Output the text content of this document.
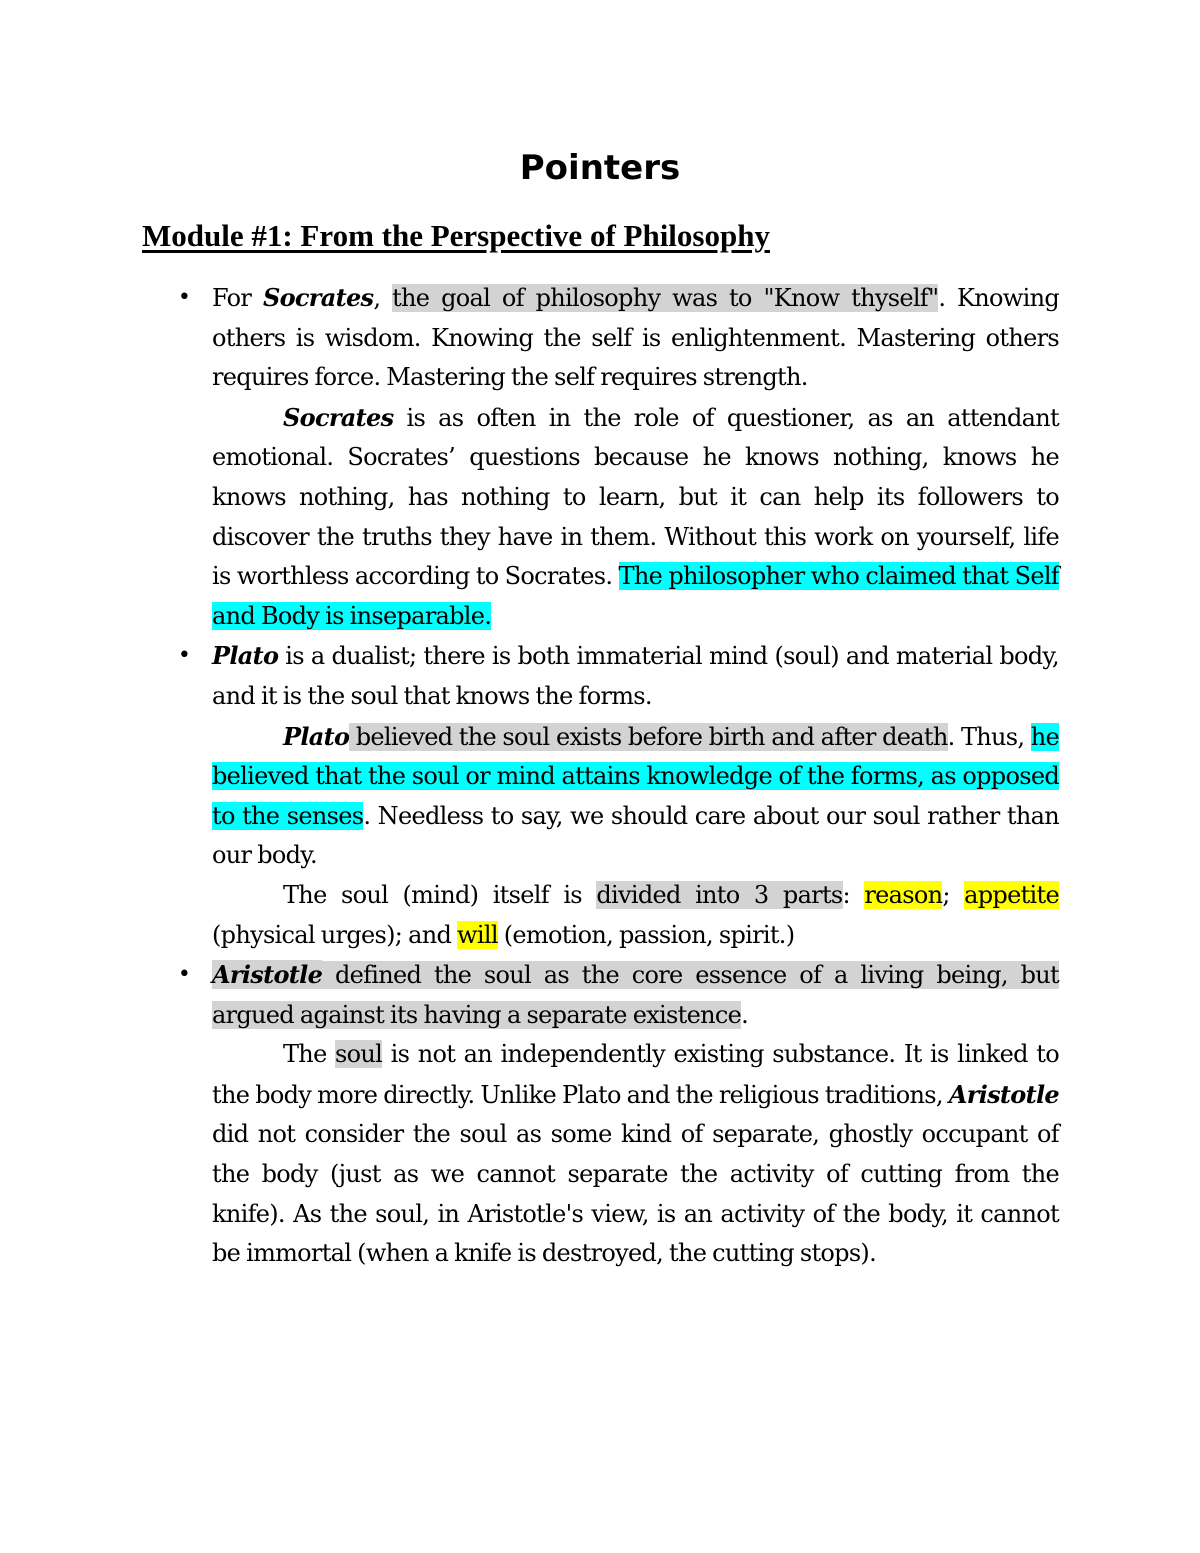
Pointers
Module #1: From the Perspective of Philosophy
• For Socrates, the goal of philosophy was to "Know thyself". Knowing others is wisdom. Knowing the self is enlightenment. Mastering others requires force. Mastering the self requires strength.

Socrates is as often in the role of questioner, as an attendant emotional. Socrates’ questions because he knows nothing, knows he knows nothing, has nothing to learn, but it can help its followers to discover the truths they have in them. Without this work on yourself, life is worthless according to Socrates. The philosopher who claimed that Self and Body is inseparable.

• Plato is a dualist; there is both immaterial mind (soul) and material body, and it is the soul that knows the forms.

Plato believed the soul exists before birth and after death. Thus, he believed that the soul or mind attains knowledge of the forms, as opposed to the senses. Needless to say, we should care about our soul rather than our body.

The soul (mind) itself is divided into 3 parts: reason; appetite (physical urges); and will (emotion, passion, spirit.)

• Aristotle defined the soul as the core essence of a living being, but argued against its having a separate existence.

The soul is not an independently existing substance. It is linked to the body more directly. Unlike Plato and the religious traditions, Aristotle did not consider the soul as some kind of separate, ghostly occupant of the body (just as we cannot separate the activity of cutting from the knife). As the soul, in Aristotle's view, is an activity of the body, it cannot be immortal (when a knife is destroyed, the cutting stops).
